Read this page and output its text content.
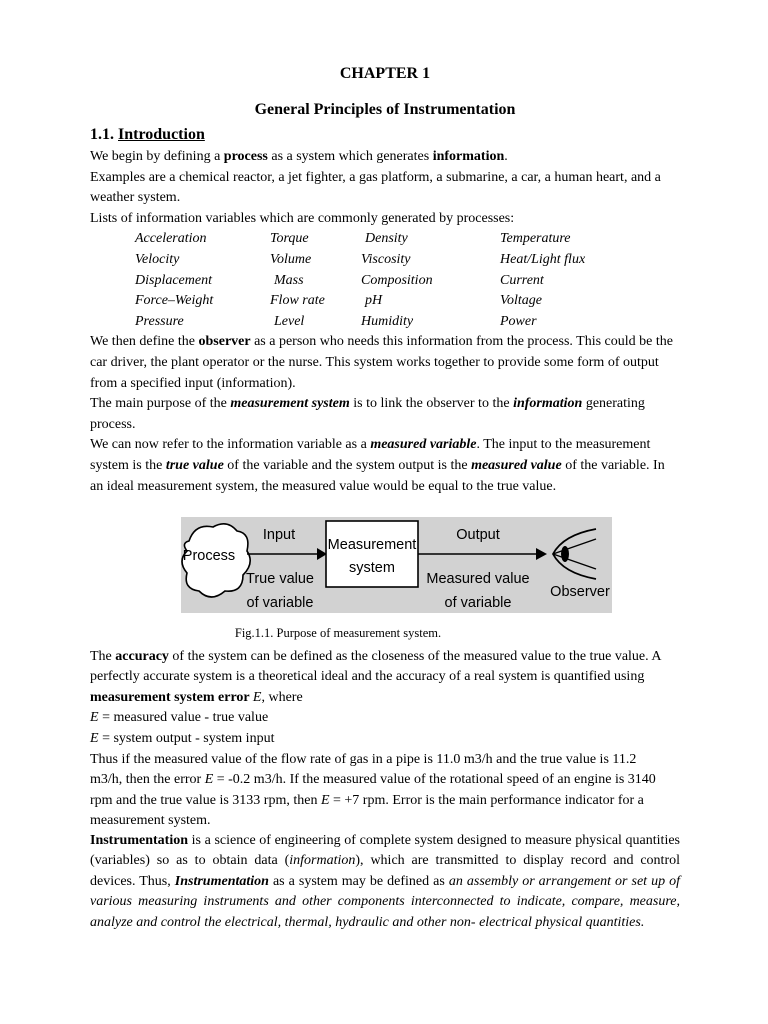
CHAPTER 1
General Principles of Instrumentation
1.1. Introduction
We begin by defining a process as a system which generates information.
Examples are a chemical reactor, a jet fighter, a gas platform, a submarine, a car, a human heart, and a weather system.
Lists of information variables which are commonly generated by processes:
Acceleration	Torque	Density	Temperature
Velocity	Volume	Viscosity	Heat/Light flux
Displacement	Mass	Composition	Current
Force–Weight	Flow rate	pH	Voltage
Pressure	Level	Humidity	Power
We then define the observer as a person who needs this information from the process. This could be the car driver, the plant operator or the nurse. This system works together to provide some form of output from a specified input (information).
The main purpose of the measurement system is to link the observer to the information generating process.
We can now refer to the information variable as a measured variable. The input to the measurement system is the true value of the variable and the system output is the measured value of the variable. In an ideal measurement system, the measured value would be equal to the true value.
Process
Input
True value
of variable
Measurement
system
Output
Measured value
of variable
Observer
Fig.1.1. Purpose of measurement system.
The accuracy of the system can be defined as the closeness of the measured value to the true value. A perfectly accurate system is a theoretical ideal and the accuracy of a real system is quantified using measurement system error E, where
E = measured value - true value
E = system output - system input
Thus if the measured value of the flow rate of gas in a pipe is 11.0 m3/h and the true value is 11.2 m3/h, then the error E = -0.2 m3/h. If the measured value of the rotational speed of an engine is 3140 rpm and the true value is 3133 rpm, then E = +7 rpm. Error is the main performance indicator for a measurement system.
Instrumentation is a science of engineering of complete system designed to measure physical quantities (variables) so as to obtain data (information), which are transmitted to display record and control devices. Thus, Instrumentation as a system may be defined as an assembly or arrangement or set up of various measuring instruments and other components interconnected to indicate, compare, measure, analyze and control the electrical, thermal, hydraulic and other non- electrical physical quantities.
